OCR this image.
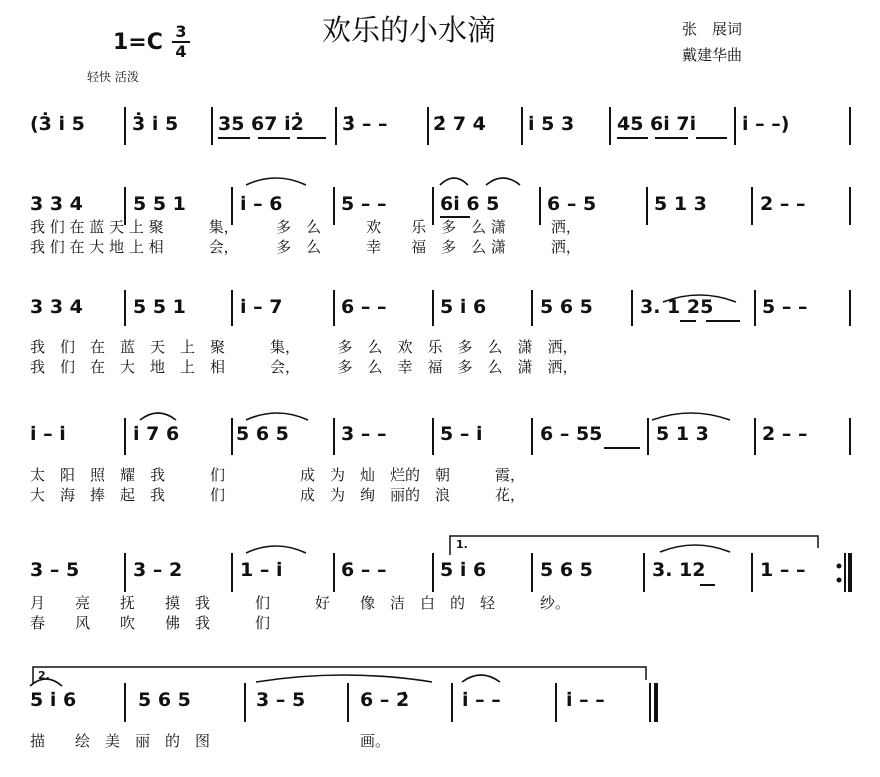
欢乐的小水滴
1=C 3
4
轻快 活泼
张　展词
戴建华曲
(3̇ i̇ 5 3̇ i̇ 5 35 67 i̇2̇ 3̇ – – 2̇ 7 4 i̇ 5 3 45 6i̇ 7i̇ i̇ – –)
3 3 4	5 5 1	i̇ – 6	5 – –	6i̇ 6 5	6 – 5	5 1 3	2 – –
我 们 在 蓝 天 上 聚　　　集，　　　多　么　　　欢　　乐　多　么 潇　　　洒，
我 们 在 大 地 上 相　　　会，　　　多　么　　　幸　　福　多　么 潇　　　洒，
3 3 4	5 5 1	i̇ – 7	6 – –	5 i̇ 6	5 6 5 3. 1 25	5 – –
我　们　在　蓝　天　上　聚　　　集，　　　多　么　欢　乐　多　么　潇　洒，
我　们　在　大　地　上　相　　　会，　　　多　么　幸　福　多　么　潇　洒，
i̇ – i̇	i̇ 7 6	5 6 5	3 – –	5 – i̇	6 – 55	5 1 3	2 – –
太　阳　照　耀　我　　　们　　　　　成　为　灿　烂的　朝　　　霞，
大　海　捧　起　我　　　们　　　　　成　为　绚　丽的　浪　　　花，
3 – 5	3 – 2	1 – i̇	6 – –	5 i̇ 6	5 6 5	3. 12	1 – –
月　　亮　　抚　　摸　我　　　们　　　好　　像　洁　白　的　轻　　　纱。
春　　风　　吹　　佛　我　　　们
1.
5 i̇ 6	5 6 5	3 – 5	6 – 2̇	i̇ – –	i̇ – –
描　　绘　美　丽　的　图　　　　　　　　　　画。
2.
